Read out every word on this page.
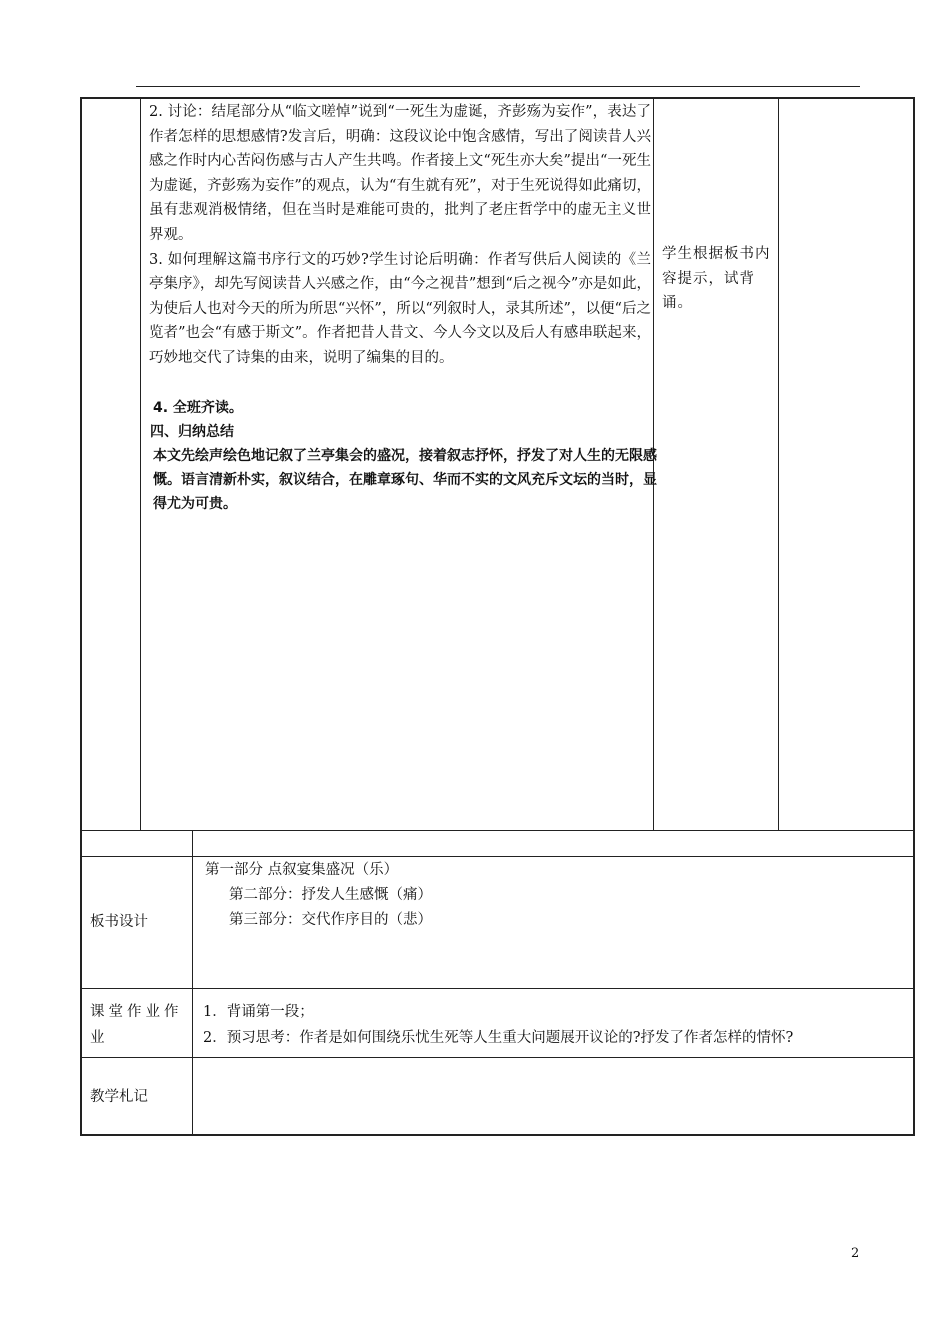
2. 讨论：结尾部分从“临文嗟悼”说到“一死生为虚诞，齐彭殇为妄作”，表达了作者怎样的思想感情?发言后，明确：这段议论中饱含感情，写出了阅读昔人兴感之作时内心苦闷伤感与古人产生共鸣。作者接上文“死生亦大矣”提出“一死生为虚诞，齐彭殇为妄作”的观点，认为“有生就有死”，对于生死说得如此痛切，虽有悲观消极情绪，但在当时是难能可贵的，批判了老庄哲学中的虚无主义世界观。

3. 如何理解这篇书序行文的巧妙?学生讨论后明确：作者写供后人阅读的《兰亭集序》，却先写阅读昔人兴感之作，由“今之视昔”想到“后之视今”亦是如此，为使后人也对今天的所为所思“兴怀”，所以“列叙时人，录其所述”，以便“后之览者”也会“有感于斯文”。作者把昔人昔文、今人今文以及后人有感串联起来，巧妙地交代了诗集的由来，说明了编集的目的。

4. 全班齐读。
四、归纳总结
本文先绘声绘色地记叙了兰亭集会的盛况，接着叙志抒怀，抒发了对人生的无限感慨。语言清新朴实，叙议结合，在雕章琢句、华而不实的文风充斥文坛的当时，显得尤为可贵。
学生根据板书内容提示，试背诵。
板书设计
第一部分 点叙宴集盛况（乐）
第二部分：抒发人生感慨（痛）
第三部分：交代作序目的（悲）
课堂作业作业
1．背诵第一段；
2．预习思考：作者是如何围绕乐忧生死等人生重大问题展开议论的?抒发了作者怎样的情怀?
教学札记
2
